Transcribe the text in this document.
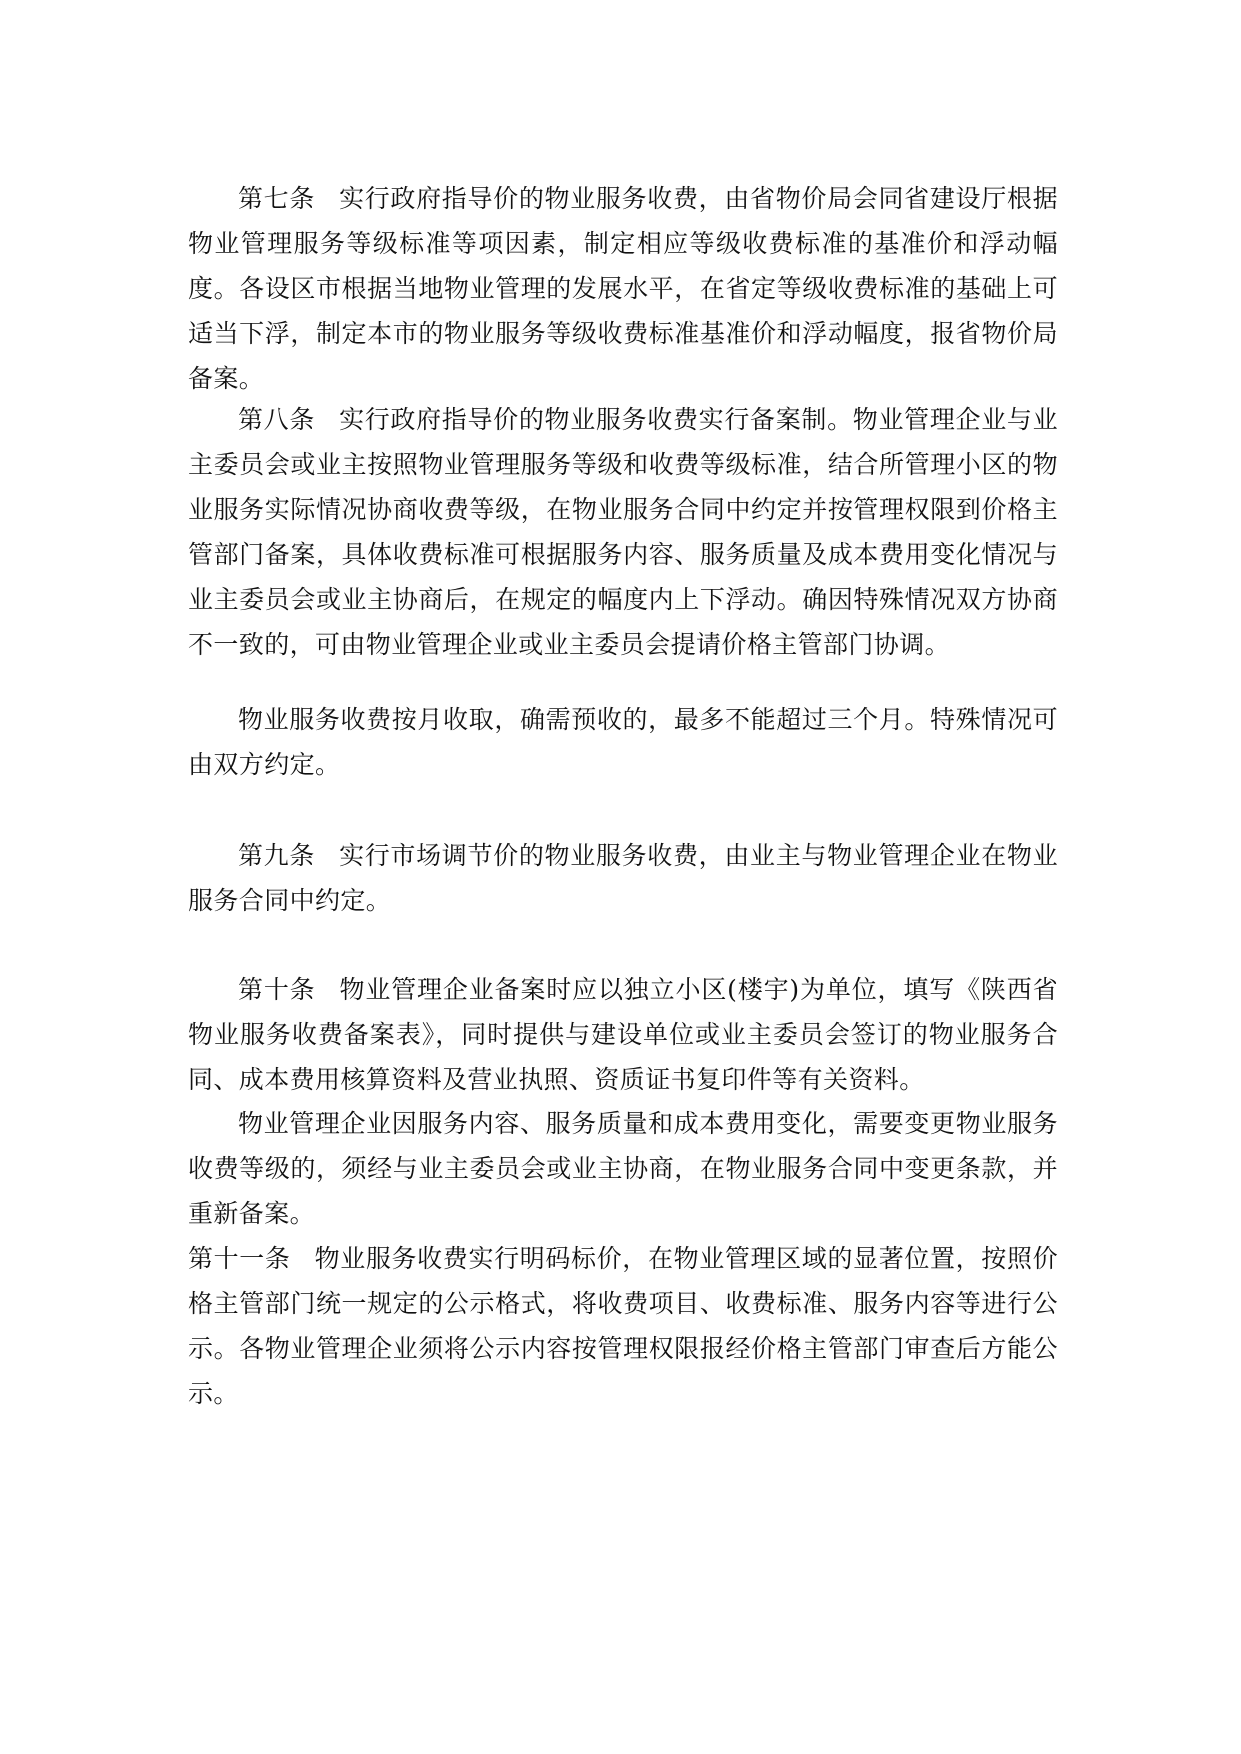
第七条 实行政府指导价的物业服务收费，由省物价局会同省建设厅根据物业管理服务等级标准等项因素，制定相应等级收费标准的基准价和浮动幅度。各设区市根据当地物业管理的发展水平，在省定等级收费标准的基础上可适当下浮，制定本市的物业服务等级收费标准基准价和浮动幅度，报省物价局备案。

第八条 实行政府指导价的物业服务收费实行备案制。物业管理企业与业主委员会或业主按照物业管理服务等级和收费等级标准，结合所管理小区的物业服务实际情况协商收费等级，在物业服务合同中约定并按管理权限到价格主管部门备案，具体收费标准可根据服务内容、服务质量及成本费用变化情况与业主委员会或业主协商后，在规定的幅度内上下浮动。确因特殊情况双方协商不一致的，可由物业管理企业或业主委员会提请价格主管部门协调。

物业服务收费按月收取，确需预收的，最多不能超过三个月。特殊情况可由双方约定。

第九条 实行市场调节价的物业服务收费，由业主与物业管理企业在物业服务合同中约定。

第十条 物业管理企业备案时应以独立小区(楼宇)为单位，填写《陕西省物业服务收费备案表》，同时提供与建设单位或业主委员会签订的物业服务合同、成本费用核算资料及营业执照、资质证书复印件等有关资料。

物业管理企业因服务内容、服务质量和成本费用变化，需要变更物业服务收费等级的，须经与业主委员会或业主协商，在物业服务合同中变更条款，并重新备案。

第十一条 物业服务收费实行明码标价，在物业管理区域的显著位置，按照价格主管部门统一规定的公示格式，将收费项目、收费标准、服务内容等进行公示。各物业管理企业须将公示内容按管理权限报经价格主管部门审查后方能公示。
